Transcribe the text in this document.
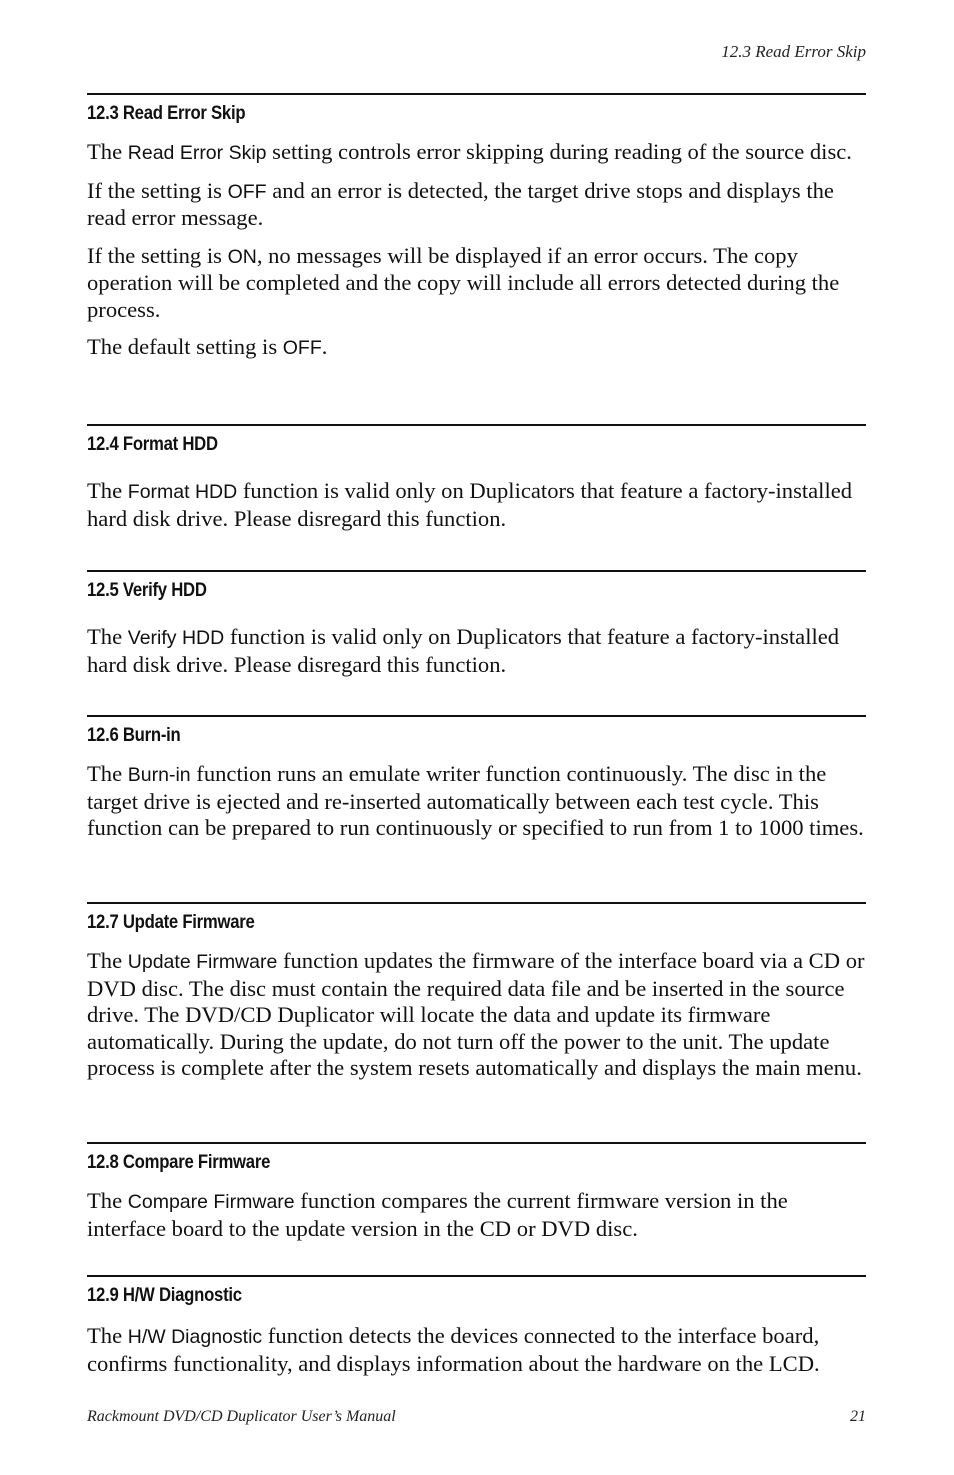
12.3 Read Error Skip
12.3 Read Error Skip

The Read Error Skip setting controls error skipping during reading of the source disc.

If the setting is OFF and an error is detected, the target drive stops and displays the read error message.

If the setting is ON, no messages will be displayed if an error occurs. The copy operation will be completed and the copy will include all errors detected during the process.

The default setting is OFF.

12.4 Format HDD

The Format HDD function is valid only on Duplicators that feature a factory-installed hard disk drive. Please disregard this function.

12.5 Verify HDD

The Verify HDD function is valid only on Duplicators that feature a factory-installed hard disk drive. Please disregard this function.

12.6 Burn-in

The Burn-in function runs an emulate writer function continuously. The disc in the target drive is ejected and re-inserted automatically between each test cycle. This function can be prepared to run continuously or specified to run from 1 to 1000 times.

12.7 Update Firmware

The Update Firmware function updates the firmware of the interface board via a CD or DVD disc. The disc must contain the required data file and be inserted in the source drive. The DVD/CD Duplicator will locate the data and update its firmware automatically. During the update, do not turn off the power to the unit. The update process is complete after the system resets automatically and displays the main menu.

12.8 Compare Firmware

The Compare Firmware function compares the current firmware version in the interface board to the update version in the CD or DVD disc.

12.9 H/W Diagnostic

The H/W Diagnostic function detects the devices connected to the interface board, confirms functionality, and displays information about the hardware on the LCD.

Rackmount DVD/CD Duplicator User’s Manual	21
